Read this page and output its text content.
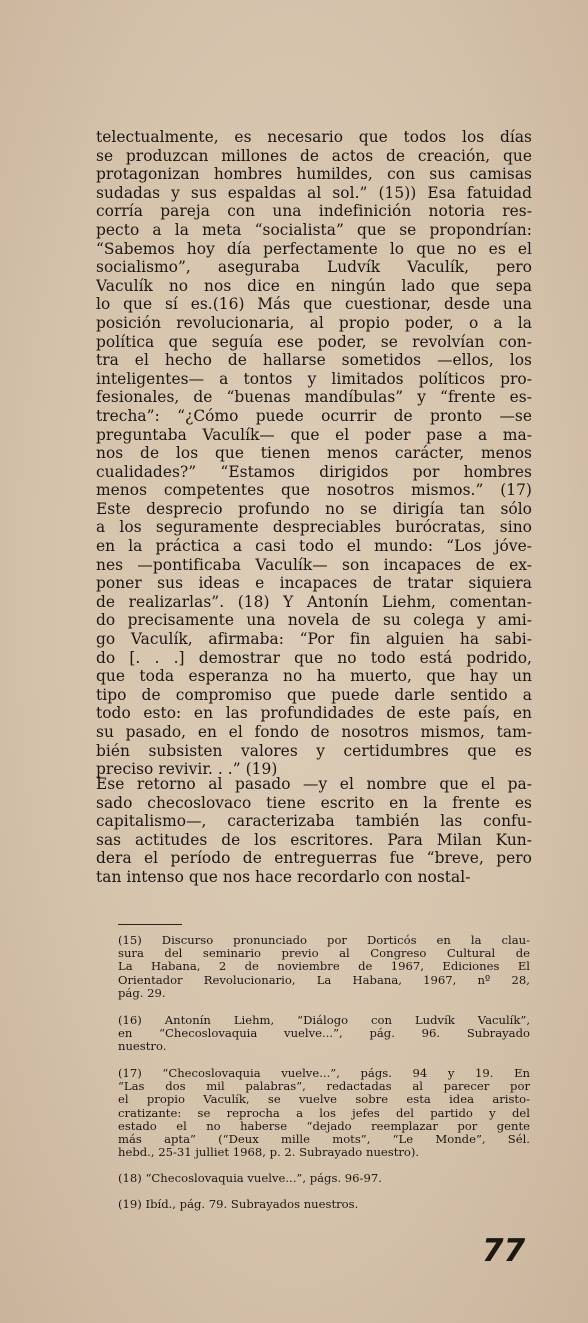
telectualmente, es necesario que todos los días
se produzcan millones de actos de creación, que
protagonizan hombres humildes, con sus camisas
sudadas y sus espaldas al sol.” (15)) Esa fatuidad
corría pareja con una indefinición notoria res-
pecto a la meta “socialista” que se propondrían:
“Sabemos hoy día perfectamente lo que no es el
socialismo”, aseguraba Ludvík Vaculík, pero
Vaculík no nos dice en ningún lado que sepa
lo que sí es.(16) Más que cuestionar, desde una
posición revolucionaria, al propio poder, o a la
política que seguía ese poder, se revolvían con-
tra el hecho de hallarse sometidos —ellos, los
inteligentes— a tontos y limitados políticos pro-
fesionales, de “buenas mandíbulas” y “frente es-
trecha”: “¿Cómo puede ocurrir de pronto —se
preguntaba Vaculík— que el poder pase a ma-
nos de los que tienen menos carácter, menos
cualidades?” “Estamos dirigidos por hombres
menos competentes que nosotros mismos.” (17)
Este desprecio profundo no se dirigía tan sólo
a los seguramente despreciables burócratas, sino
en la práctica a casi todo el mundo: “Los jóve-
nes —pontificaba Vaculík— son incapaces de ex-
poner sus ideas e incapaces de tratar siquiera
de realizarlas”. (18) Y Antonín Liehm, comentan-
do precisamente una novela de su colega y ami-
go Vaculík, afirmaba: “Por fin alguien ha sabi-
do [. . .] demostrar que no todo está podrido,
que toda esperanza no ha muerto, que hay un
tipo de compromiso que puede darle sentido a
todo esto: en las profundidades de este país, en
su pasado, en el fondo de nosotros mismos, tam-
bién subsisten valores y certidumbres que es
preciso revivir. . .” (19)
Ese retorno al pasado —y el nombre que el pa-
sado checoslovaco tiene escrito en la frente es
capitalismo—, caracterizaba también las confu-
sas actitudes de los escritores. Para Milan Kun-
dera el período de entreguerras fue “breve, pero
tan intenso que nos hace recordarlo con nostal-
(15) Discurso pronunciado por Dorticós en la clau-
sura del seminario previo al Congreso Cultural de
La Habana, 2 de noviembre de 1967, Ediciones El
Orientador Revolucionario, La Habana, 1967, nº 28,
pág. 29.
(16) Antonín Liehm, “Diálogo con Ludvík Vaculík”,
en “Checoslovaquia vuelve...”, pág. 96. Subrayado
nuestro.
(17) “Checoslovaquia vuelve...”, págs. 94 y 19. En
“Las dos mil palabras”, redactadas al parecer por
el propio Vaculík, se vuelve sobre esta idea aristo-
cratizante: se reprocha a los jefes del partido y del
estado el no haberse “dejado reemplazar por gente
más apta” (“Deux mille mots”, “Le Monde”, Sél.
hebd., 25-31 julliet 1968, p. 2. Subrayado nuestro).
(18) “Checoslovaquia vuelve...”, págs. 96-97.
(19) Ibíd., pág. 79. Subrayados nuestros.
77
